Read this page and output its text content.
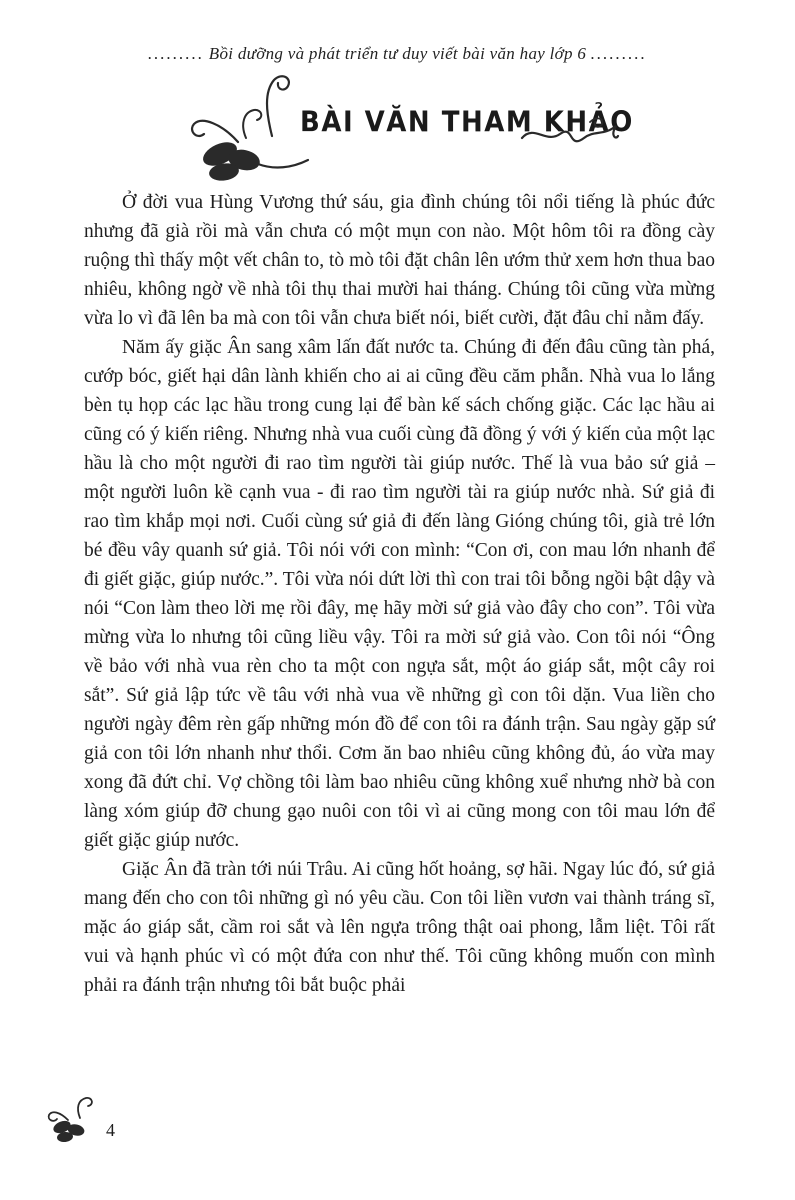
......... Bồi dưỡng và phát triển tư duy viết bài văn hay lớp 6 .........
BÀI VĂN THAM KHẢO

Ở đời vua Hùng Vương thứ sáu, gia đình chúng tôi nổi tiếng là phúc đức nhưng đã già rồi mà vẫn chưa có một mụn con nào. Một hôm tôi ra đồng cày ruộng thì thấy một vết chân to, tò mò tôi đặt chân lên ướm thử xem hơn thua bao nhiêu, không ngờ về nhà tôi thụ thai mười hai tháng. Chúng tôi cũng vừa mừng vừa lo vì đã lên ba mà con tôi vẫn chưa biết nói, biết cười, đặt đâu chỉ nằm đấy.

Năm ấy giặc Ân sang xâm lấn đất nước ta. Chúng đi đến đâu cũng tàn phá, cướp bóc, giết hại dân lành khiến cho ai ai cũng đều căm phẫn. Nhà vua lo lắng bèn tụ họp các lạc hầu trong cung lại để bàn kế sách chống giặc. Các lạc hầu ai cũng có ý kiến riêng. Nhưng nhà vua cuối cùng đã đồng ý với ý kiến của một lạc hầu là cho một người đi rao tìm người tài giúp nước. Thế là vua bảo sứ giả – một người luôn kề cạnh vua - đi rao tìm người tài ra giúp nước nhà. Sứ giả đi rao tìm khắp mọi nơi. Cuối cùng sứ giả đi đến làng Gióng chúng tôi, già trẻ lớn bé đều vây quanh sứ giả. Tôi nói với con mình: “Con ơi, con mau lớn nhanh để đi giết giặc, giúp nước.”. Tôi vừa nói dứt lời thì con trai tôi bỗng ngồi bật dậy và nói “Con làm theo lời mẹ rồi đây, mẹ hãy mời sứ giả vào đây cho con”. Tôi vừa mừng vừa lo nhưng tôi cũng liều vậy. Tôi ra mời sứ giả vào. Con tôi nói “Ông về bảo với nhà vua rèn cho ta một con ngựa sắt, một áo giáp sắt, một cây roi sắt”. Sứ giả lập tức về tâu với nhà vua về những gì con tôi dặn. Vua liền cho người ngày đêm rèn gấp những món đồ để con tôi ra đánh trận. Sau ngày gặp sứ giả con tôi lớn nhanh như thổi. Cơm ăn bao nhiêu cũng không đủ, áo vừa may xong đã đứt chỉ. Vợ chồng tôi làm bao nhiêu cũng không xuể nhưng nhờ bà con làng xóm giúp đỡ chung gạo nuôi con tôi vì ai cũng mong con tôi mau lớn để giết giặc giúp nước.

Giặc Ân đã tràn tới núi Trâu. Ai cũng hốt hoảng, sợ hãi. Ngay lúc đó, sứ giả mang đến cho con tôi những gì nó yêu cầu. Con tôi liền vươn vai thành tráng sĩ, mặc áo giáp sắt, cầm roi sắt và lên ngựa trông thật oai phong, lẫm liệt. Tôi rất vui và hạnh phúc vì có một đứa con như thế. Tôi cũng không muốn con mình phải ra đánh trận nhưng tôi bắt buộc phải

4
